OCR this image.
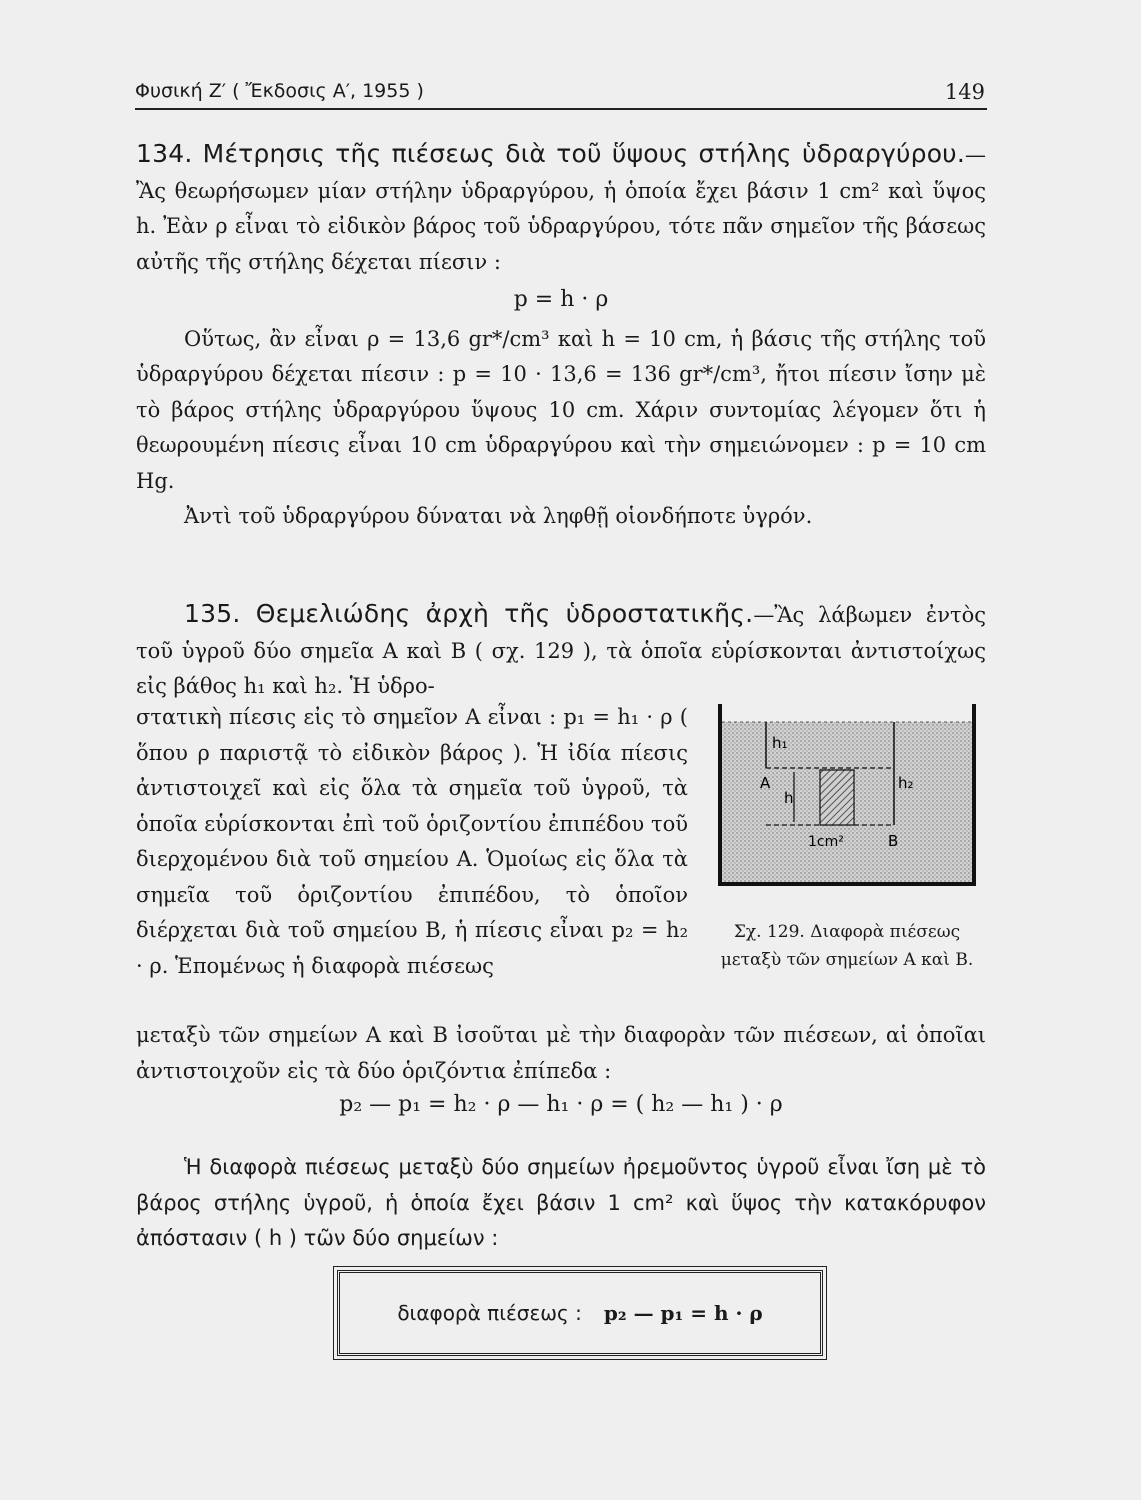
Φυσική Ζ′ ( Ἔκδοσις Α′, 1955 )	149
134. Μέτρησις τῆς πιέσεως διὰ τοῦ ὕψους στήλης ὑδραργύρου.—Ἂς θεωρήσωμεν μίαν στήλην ὑδραργύρου, ἡ ὁποία ἔχει βάσιν 1 cm² καὶ ὕψος h. Ἐὰν ρ εἶναι τὸ εἰδικὸν βάρος τοῦ ὑδραργύρου, τότε πᾶν σημεῖον τῆς βάσεως αὐτῆς τῆς στήλης δέχεται πίεσιν :
p = h · ρ
Οὕτως, ἂν εἶναι ρ = 13,6 gr*/cm³ καὶ h = 10 cm, ἡ βάσις τῆς στήλης τοῦ ὑδραργύρου δέχεται πίεσιν : p = 10 · 13,6 = 136 gr*/cm³, ἤτοι πίεσιν ἴσην μὲ τὸ βάρος στήλης ὑδραργύρου ὕψους 10 cm. Χάριν συντομίας λέγομεν ὅτι ἡ θεωρουμένη πίεσις εἶναι 10 cm ὑδραργύρου καὶ τὴν σημειώνομεν : p = 10 cm Hg.
Ἀντὶ τοῦ ὑδραργύρου δύναται νὰ ληφθῇ οἱονδήποτε ὑγρόν.
135. Θεμελιώδης ἀρχὴ τῆς ὑδροστατικῆς.—Ἂς λάβωμεν ἐντὸς τοῦ ὑγροῦ δύο σημεῖα Α καὶ Β ( σχ. 129 ), τὰ ὁποῖα εὑρίσκονται ἀντιστοίχως εἰς βάθος h₁ καὶ h₂. Ἡ ὑδρο-
στατικὴ πίεσις εἰς τὸ σημεῖον Α εἶναι : p₁ = h₁ · ρ ( ὅπου ρ παριστᾷ τὸ εἰδικὸν βάρος ). Ἡ ἰδία πίεσις ἀντιστοιχεῖ καὶ εἰς ὅλα τὰ σημεῖα τοῦ ὑγροῦ, τὰ ὁποῖα εὑρίσκονται ἐπὶ τοῦ ὁριζοντίου ἐπιπέδου τοῦ διερχομένου διὰ τοῦ σημείου Α. Ὁμοίως εἰς ὅλα τὰ σημεῖα τοῦ ὁριζοντίου ἐπιπέδου, τὸ ὁποῖον διέρχεται διὰ τοῦ σημείου Β, ἡ πίεσις εἶναι p₂ = h₂ · ρ. Ἑπομένως ἡ διαφορὰ πιέσεως
h₁
h₂
h
A
B
1cm²
Σχ. 129. Διαφορὰ πιέσεως μεταξὺ τῶν σημείων Α καὶ Β.
μεταξὺ τῶν σημείων Α καὶ Β ἰσοῦται μὲ τὴν διαφορὰν τῶν πιέσεων, αἱ ὁποῖαι ἀντιστοιχοῦν εἰς τὰ δύο ὁριζόντια ἐπίπεδα :
p₂ — p₁ = h₂ · ρ — h₁ · ρ = ( h₂ — h₁ ) · ρ
Ἡ διαφορὰ πιέσεως μεταξὺ δύο σημείων ἠρεμοῦντος ὑγροῦ εἶναι ἴση μὲ τὸ βάρος στήλης ὑγροῦ, ἡ ὁποία ἔχει βάσιν 1 cm² καὶ ὕψος τὴν κατακόρυφον ἀπόστασιν ( h ) τῶν δύο σημείων :
διαφορὰ πιέσεως : p₂ — p₁ = h · ρ
